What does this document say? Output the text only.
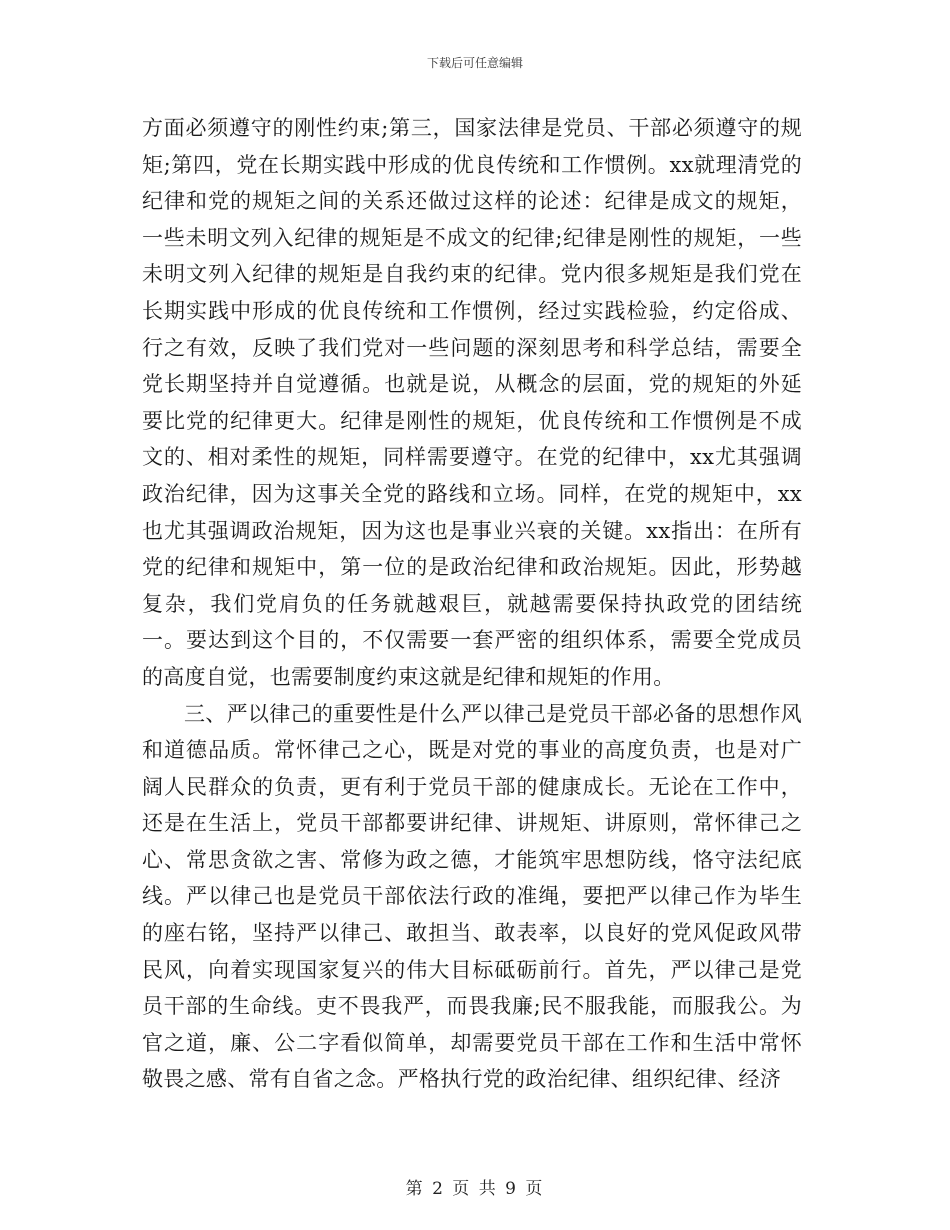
下载后可任意编辑

方面必须遵守的刚性约束;第三，国家法律是党员、干部必须遵守的规矩;第四，党在长期实践中形成的优良传统和工作惯例。xx就理清党的纪律和党的规矩之间的关系还做过这样的论述：纪律是成文的规矩，一些未明文列入纪律的规矩是不成文的纪律;纪律是刚性的规矩，一些未明文列入纪律的规矩是自我约束的纪律。党内很多规矩是我们党在长期实践中形成的优良传统和工作惯例，经过实践检验，约定俗成、行之有效，反映了我们党对一些问题的深刻思考和科学总结，需要全党长期坚持并自觉遵循。也就是说，从概念的层面，党的规矩的外延要比党的纪律更大。纪律是刚性的规矩，优良传统和工作惯例是不成文的、相对柔性的规矩，同样需要遵守。在党的纪律中，xx尤其强调政治纪律，因为这事关全党的路线和立场。同样，在党的规矩中，xx也尤其强调政治规矩，因为这也是事业兴衰的关键。xx指出：在所有党的纪律和规矩中，第一位的是政治纪律和政治规矩。因此，形势越复杂，我们党肩负的任务就越艰巨，就越需要保持执政党的团结统一。要达到这个目的，不仅需要一套严密的组织体系，需要全党成员的高度自觉，也需要制度约束这就是纪律和规矩的作用。

三、严以律己的重要性是什么严以律己是党员干部必备的思想作风和道德品质。常怀律己之心，既是对党的事业的高度负责，也是对广阔人民群众的负责，更有利于党员干部的健康成长。无论在工作中，还是在生活上，党员干部都要讲纪律、讲规矩、讲原则，常怀律己之心、常思贪欲之害、常修为政之德，才能筑牢思想防线，恪守法纪底线。严以律己也是党员干部依法行政的准绳，要把严以律己作为毕生的座右铭，坚持严以律己、敢担当、敢表率，以良好的党风促政风带民风，向着实现国家复兴的伟大目标砥砺前行。首先，严以律己是党员干部的生命线。吏不畏我严，而畏我廉;民不服我能，而服我公。为官之道，廉、公二字看似简单，却需要党员干部在工作和生活中常怀敬畏之感、常有自省之念。严格执行党的政治纪律、组织纪律、经济

第 2 页 共 9 页
